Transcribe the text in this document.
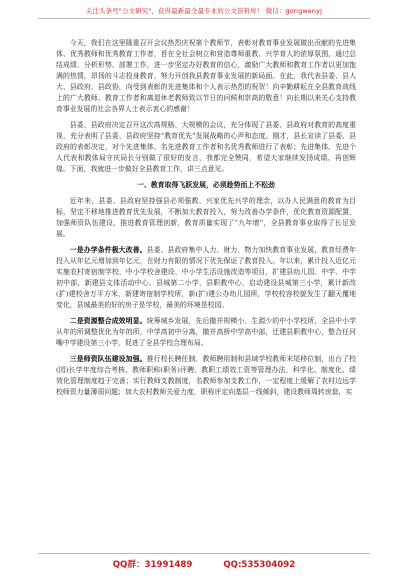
关注头条号"公文研究"，获得最新最全最专业的公文资料库！ 微信：gongwenyj

今天，我们在这里隆重召开会议热烈庆祝第个教师节，表彰对教育事业发展做出贡献的先进集体、优秀教师和优秀教育工作者，旨在全社会树立和营造尊师重教、兴学育人的浓厚氛围，通过总结成绩、分析形势、部署工作，进一步坚定办好教育的信心，激励广大教师和教育工作者以更加饱满的热情，昂扬的斗志投身教育，努力开创我县教育事业发展的新局面。在此，我代表县委、县人大、县政府、县政协，向受到表彰的先进集体和个人表示热烈的祝贺！向辛勤耕耘在全县教育战线上的广大教师、教育工作者和离退休老教师致以节日的问候和崇高的敬意！向长期以来关心支持教育事业发展的社会各界人士表示衷心的感谢！

县委、县政府决定召开这次高规格、大规模的会议，充分体现了县委、县政府对教育的高度重视，充分表明了县委、县政府坚持“教育优先”发展战略的心声和态度。刚才，县长宣读了县委、县政府的表彰决定，对个先进集体、名先进教育工作者和名优秀教师进行了表彰；先进集体、先进个人代表和教体局守庆局长分别做了很好的发言，我都完全赞同，希望大家继续发扬成绩、再创辉煌。下面，我就进一步做好全县教育工作，讲三点意见。

一、教育取得飞跃发展，必须趁势而上不松劲

近年来，县委、县政府坚持强县必须强教、兴家优先兴学的理念，以办人民满意的教育为目标，坚定不移地推进教育优先发展，不断加大教育投入，努力改善办学条件，优化教育资源配置，加强师资队伍建设，推进教育管理创新，教育质量实现了“九年增”，全县教育事业取得了长足发展。

一是办学条件极大改善。县委、县政府集中人力、财力、物力加快教育事业发展，教育经费年投入从年亿元增加到年亿元，在财力有限的情况下优先保证了教育投入。年以来，累计投入近亿元实施农村寄宿制学校、中小学校舍建设、中小学生活设施改造等项目，扩建县幼儿园、中学、中学初中部，新建县文体活动中心、县城第二小学、县职教中心，启动建设县城第三小学，累计新改(扩)建校舍万平方米，新建寄宿制学校所，新(扩)建公办幼儿园所，学校校容校貌发生了翻天覆地变化，县城最美的好的房子是学校，最美的环境是校园。

二是资源整合成效明显。统筹城乡发展，先后撤并规模小、生源少的中小学校所，全县中小学从年的所调整优化为年的所，中学高初中分离，撤并高桥中学高中部，迁建县职教中心，整合任河嘴中学建设第三小学，促进了全县学校合理布局。

三是师资队伍建设加强。推行校长聘任制、教师聘用制和县域学校教师末尾移位制，出台了校(园)长学年度综合考核、教师职称(职务)评聘、教职工绩效工资等管理办法，科学化、制度化、绩效化管理制度趋于完善；实行教师支教制度，名教师参加支教工作，一定程度上缓解了农村边远学校师资力量薄弱问题；加大农村教师关爱力度，职称评定向基层一线倾斜，建设教师周转房套，实

QQ群：31991489	QQ:535304092
